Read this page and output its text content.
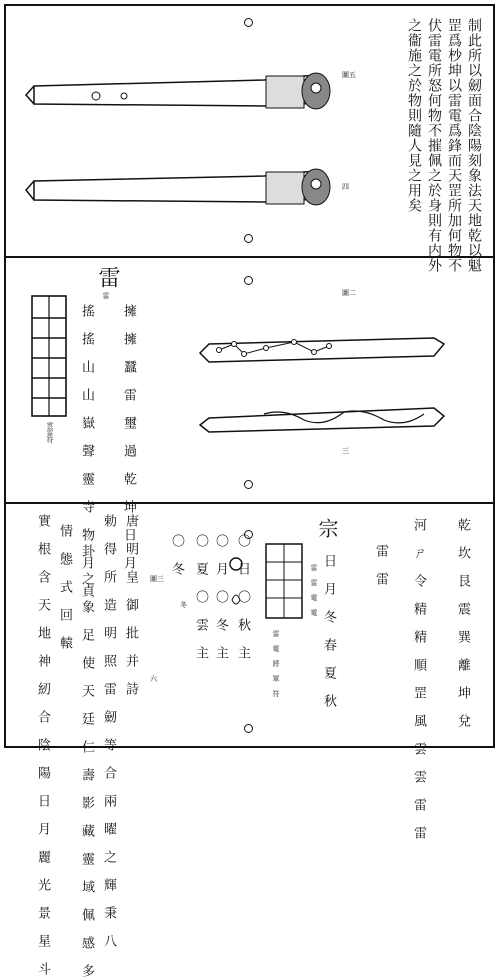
圖五
四	制此所以劒面合陰陽刻象法天地乾以魁
罡爲杪坤以雷電爲鋒而天罡所加何物不
伏雷電所怒何物不摧佩之於身則有内外
之衞施之於物則隨人見之用矣
圖二
三
雷
雷
雲雷符	擁 擁 蠶 雷 璽 過 乾 坤 日 月
搖 搖 山 山 嶽 聲 靈 寺 物 月 貞
乾 坎 艮 震 巽 離 坤 兌
河 ㄕ 令 精 精 順 罡 風 雲 雲 雷 雷
雷 雷
宗
日 月 冬 春 夏 秋
雷 雷 電 電
雷 電 將 軍 符
〇 日 〇 秋 主
〇 月 〇 冬 主
〇 夏 〇 雲 主
〇 冬
圖三
六
冬
唐 明 皇 御 批 并 詩
勅 得 所 造 明 照 雷 劒 等 合 兩 曜 之 輝 秉 八
卦 之 象 足 使 天 廷 仁 壽 影 藏 靈 域 佩 感 多
情 態 式 回 轅
實 根 含 天 地 神 紉 合 陰 陽 日 月 麗 光 景 星 斗
